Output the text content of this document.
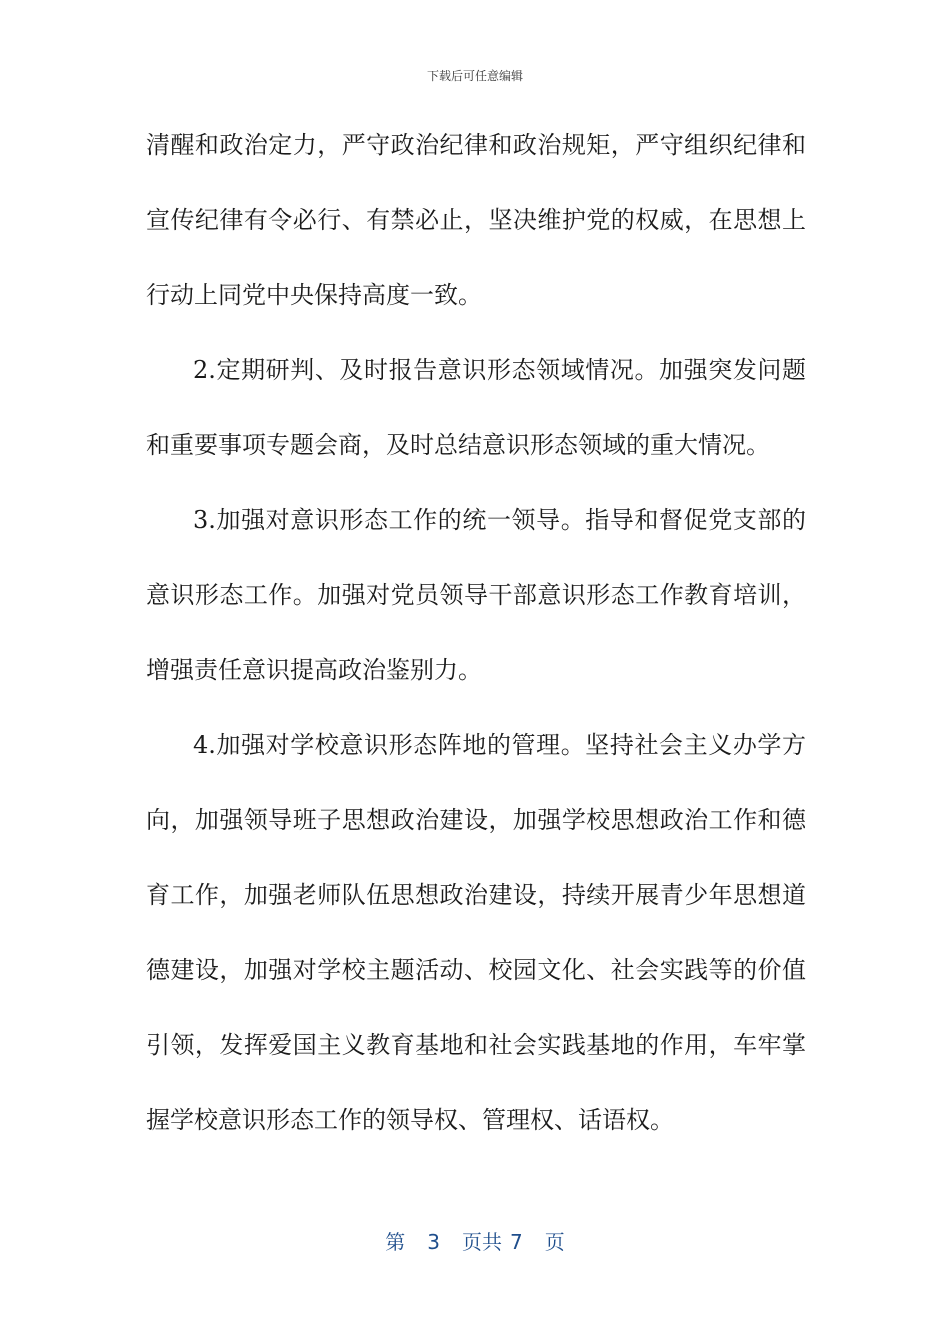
下载后可任意编辑
清醒和政治定力，严守政治纪律和政治规矩，严守组织纪律和
宣传纪律有令必行、有禁必止，坚决维护党的权威，在思想上
行动上同党中央保持高度一致。
2.定期研判、及时报告意识形态领域情况。加强突发问题
和重要事项专题会商，及时总结意识形态领域的重大情况。
3.加强对意识形态工作的统一领导。指导和督促党支部的
意识形态工作。加强对党员领导干部意识形态工作教育培训，
增强责任意识提高政治鉴别力。
4.加强对学校意识形态阵地的管理。坚持社会主义办学方
向，加强领导班子思想政治建设，加强学校思想政治工作和德
育工作，加强老师队伍思想政治建设，持续开展青少年思想道
德建设，加强对学校主题活动、校园文化、社会实践等的价值
引领，发挥爱国主义教育基地和社会实践基地的作用，车牢掌
握学校意识形态工作的领导权、管理权、话语权。
第 3 页共 7 页
